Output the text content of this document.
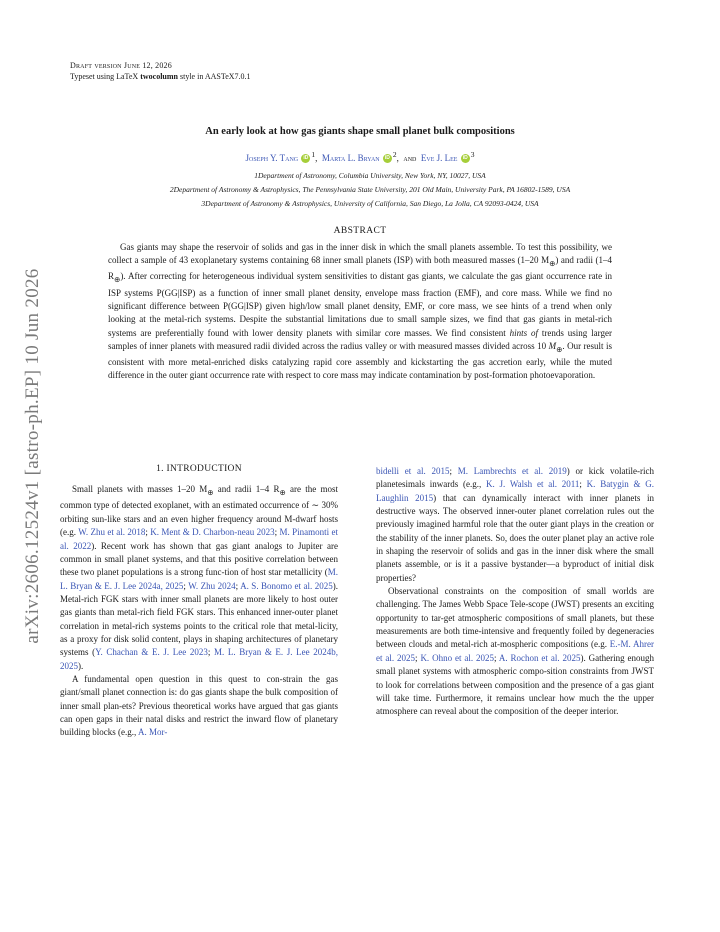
arXiv:2606.12524v1 [astro-ph.EP] 10 Jun 2026
Draft version June 12, 2026
Typeset using LaTeX twocolumn style in AASTeX7.0.1
An early look at how gas giants shape small planet bulk compositions
Joseph Y. Tang iD $^1$,  Marta L. Bryan iD $^2$,  and Eve J. Lee iD $^3$
1Department of Astronomy, Columbia University, New York, NY, 10027, USA
2Department of Astronomy & Astrophysics, The Pennsylvania State University, 201 Old Main, University Park, PA 16802-1589, USA
3Department of Astronomy & Astrophysics, University of California, San Diego, La Jolla, CA 92093-0424, USA
ABSTRACT

Gas giants may shape the reservoir of solids and gas in the inner disk in which the small planets assemble. To test this possibility, we collect a sample of 43 exoplanetary systems containing 68 inner small planets (ISP) with both measured masses (1–20 $M_\oplus$) and radii (1–4 $R_\oplus$). After correcting for heterogeneous individual system sensitivities to distant gas giants, we calculate the gas giant occurrence rate in ISP systems P(GG|ISP) as a function of inner small planet density, envelope mass fraction (EMF), and core mass. While we find no significant difference between P(GG|ISP) given high/low small planet density, EMF, or core mass, we see hints of a trend when only looking at the metal-rich systems. Despite the substantial limitations due to small sample sizes, we find that gas giants in metal-rich systems are preferentially found with lower density planets with similar core masses. We find consistent hints of trends using larger samples of inner planets with measured radii divided across the radius valley or with measured masses divided across 10 $M_\oplus$. Our result is consistent with more metal-enriched disks catalyzing rapid core assembly and kickstarting the gas accretion early, while the muted difference in the outer giant occurrence rate with respect to core mass may indicate contamination by post-formation photoevaporation.

1. INTRODUCTION

Small planets with masses 1–20 $M_\oplus$ and radii 1–4 $R_\oplus$ are the most common type of detected exoplanet, with an estimated occurrence of ∼ 30% orbiting sun-like stars and an even higher frequency around M-dwarf hosts (e.g. W. Zhu et al. 2018; K. Ment & D. Charbon-neau 2023; M. Pinamonti et al. 2022). Recent work has shown that gas giant analogs to Jupiter are common in small planet systems, and that this positive correlation between these two planet populations is a strong func-tion of host star metallicity (M. L. Bryan & E. J. Lee 2024a, 2025; W. Zhu 2024; A. S. Bonomo et al. 2025). Metal-rich FGK stars with inner small planets are more likely to host outer gas giants than metal-rich field FGK stars. This enhanced inner-outer planet correlation in metal-rich systems points to the critical role that metal-licity, as a proxy for disk solid content, plays in shaping architectures of planetary systems (Y. Chachan & E. J. Lee 2023; M. L. Bryan & E. J. Lee 2024b, 2025).

A fundamental open question in this quest to con-strain the gas giant/small planet connection is: do gas giants shape the bulk composition of inner small plan-ets? Previous theoretical works have argued that gas giants can open gaps in their natal disks and restrict the inward flow of planetary building blocks (e.g., A. Mor-

bidelli et al. 2015; M. Lambrechts et al. 2019) or kick volatile-rich planetesimals inwards (e.g., K. J. Walsh et al. 2011; K. Batygin & G. Laughlin 2015) that can dynamically interact with inner planets in destructive ways. The observed inner-outer planet correlation rules out the previously imagined harmful role that the outer giant plays in the creation or the stability of the inner planets. So, does the outer planet play an active role in shaping the reservoir of solids and gas in the inner disk where the small planets assemble, or is it a passive bystander—a byproduct of initial disk properties?

Observational constraints on the composition of small worlds are challenging. The James Webb Space Tele-scope (JWST) presents an exciting opportunity to tar-get atmospheric compositions of small planets, but these measurements are both time-intensive and frequently foiled by degeneracies between clouds and metal-rich at-mospheric compositions (e.g. E.-M. Ahrer et al. 2025; K. Ohno et al. 2025; A. Rochon et al. 2025). Gathering enough small planet systems with atmospheric compo-sition constraints from JWST to look for correlations between composition and the presence of a gas giant will take time. Furthermore, it remains unclear how much the the upper atmosphere can reveal about the composition of the deeper interior.
